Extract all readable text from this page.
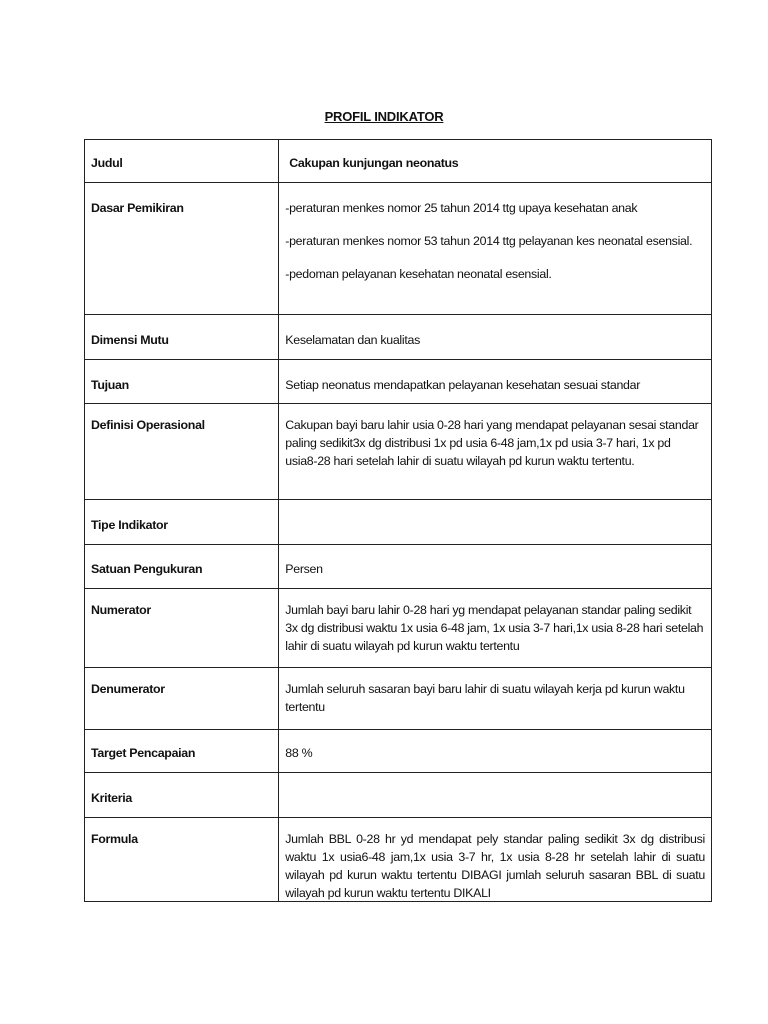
PROFIL INDIKATOR
Judul	Cakupan kunjungan neonatus
Dasar Pemikiran	-peraturan menkes nomor 25 tahun 2014 ttg upaya kesehatan anak

-peraturan menkes nomor 53 tahun 2014 ttg pelayanan kes neonatal esensial.

-pedoman pelayanan kesehatan neonatal esensial.

Dimensi Mutu	Keselamatan dan kualitas
Tujuan	Setiap neonatus mendapatkan pelayanan kesehatan sesuai standar
Definisi Operasional	Cakupan bayi baru lahir usia 0-28 hari yang mendapat pelayanan sesai standar paling sedikit3x dg distribusi 1x pd usia 6-48 jam,1x pd usia 3-7 hari, 1x pd usia8-28 hari setelah lahir di suatu wilayah pd kurun waktu tertentu.
Tipe Indikator	
Satuan Pengukuran	Persen
Numerator	Jumlah bayi baru lahir 0-28 hari yg mendapat pelayanan standar paling sedikit 3x dg distribusi waktu 1x usia 6-48 jam, 1x usia 3-7 hari,1x usia 8-28 hari setelah lahir di suatu wilayah pd kurun waktu tertentu
Denumerator	Jumlah seluruh sasaran bayi baru lahir di suatu wilayah kerja pd kurun waktu tertentu
Target Pencapaian	88 %
Kriteria	
Formula	Jumlah BBL 0-28 hr yd mendapat pely standar paling sedikit 3x dg distribusi waktu 1x usia6-48 jam,1x usia 3-7 hr, 1x usia 8-28 hr setelah lahir di suatu wilayah pd kurun waktu tertentu DIBAGI jumlah seluruh sasaran BBL di suatu wilayah pd kurun waktu tertentu DIKALI
